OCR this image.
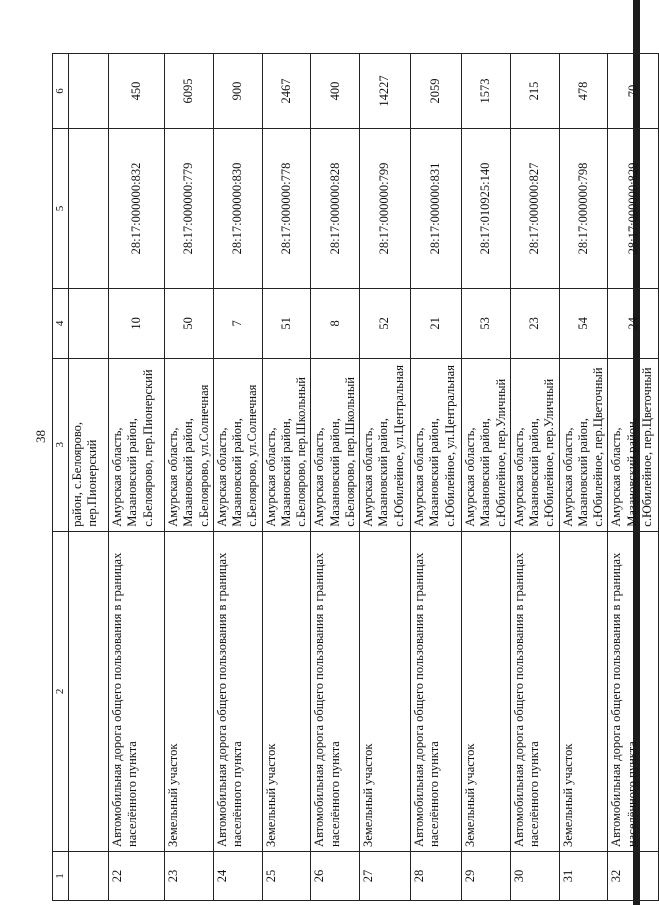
38
1	2	3	4	5	6
		район, с.Белоярово, пер.Пионерский			
22	Автомобильная дорога общего пользования в границах населённого пункта	Амурская область, Мазановский район, с.Белоярово, пер.Пионерский	10	28:17:000000:832	450
23	Земельный участок	Амурская область, Мазановский район, с.Белоярово, ул.Солнечная	50	28:17:000000:779	6095
24	Автомобильная дорога общего пользования в границах населённого пункта	Амурская область, Мазановский район, с.Белоярово, ул.Солнечная	7	28:17:000000:830	900
25	Земельный участок	Амурская область, Мазановский район, с.Белоярово, пер.Школьный	51	28:17:000000:778	2467
26	Автомобильная дорога общего пользования в границах населённого пункта	Амурская область, Мазановский район, с.Белоярово, пер.Школьный	8	28:17:000000:828	400
27	Земельный участок	Амурская область, Мазановский район, с.Юбилейное, ул.Центральная	52	28:17:000000:799	14227
28	Автомобильная дорога общего пользования в границах населённого пункта	Амурская область, Мазановский район, с.Юбилейное, ул.Центральная	21	28:17:000000:831	2059
29	Земельный участок	Амурская область, Мазановский район, с.Юбилейное, пер.Уличный	53	28:17:010925:140	1573
30	Автомобильная дорога общего пользования в границах населённого пункта	Амурская область, Мазановский район, с.Юбилейное, пер.Уличный	23	28:17:000000:827	215
31	Земельный участок	Амурская область, Мазановский район, с.Юбилейное, пер.Цветочный	54	28:17:000000:798	478
32	Автомобильная дорога общего пользования в границах населённого пункта	Амурская область, Мазановский район, с.Юбилейное, пер.Цветочный	24	28:17:000000:829	70
